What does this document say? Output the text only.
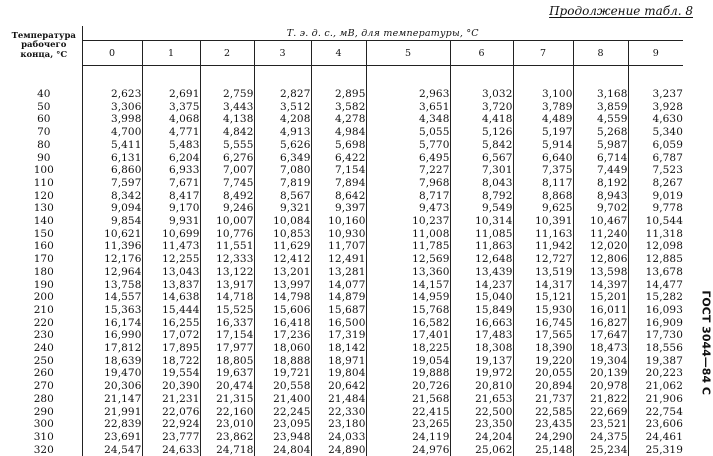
Продолжение табл. 8
Температура рабочего конца, °С	Т. э. д. с., мВ, для температуры, °С									
	0	1	2	3	4	5	6	7	8	9

40	2,623	2,691	2,759	2,827	2,895	2,963	3,032	3,100	3,168	3,237
50	3,306	3,375	3,443	3,512	3,582	3,651	3,720	3,789	3,859	3,928
60	3,998	4,068	4,138	4,208	4,278	4,348	4,418	4,489	4,559	4,630
70	4,700	4,771	4,842	4,913	4,984	5,055	5,126	5,197	5,268	5,340
80	5,411	5,483	5,555	5,626	5,698	5,770	5,842	5,914	5,987	6,059
90	6,131	6,204	6,276	6,349	6,422	6,495	6,567	6,640	6,714	6,787
100	6,860	6,933	7,007	7,080	7,154	7,227	7,301	7,375	7,449	7,523
110	7,597	7,671	7,745	7,819	7,894	7,968	8,043	8,117	8,192	8,267
120	8,342	8,417	8,492	8,567	8,642	8,717	8,792	8,868	8,943	9,019
130	9,094	9,170	9,246	9,321	9,397	9,473	9,549	9,625	9,702	9,778
140	9,854	9,931	10,007	10,084	10,160	10,237	10,314	10,391	10,467	10,544
150	10,621	10,699	10,776	10,853	10,930	11,008	11,085	11,163	11,240	11,318
160	11,396	11,473	11,551	11,629	11,707	11,785	11,863	11,942	12,020	12,098
170	12,176	12,255	12,333	12,412	12,491	12,569	12,648	12,727	12,806	12,885
180	12,964	13,043	13,122	13,201	13,281	13,360	13,439	13,519	13,598	13,678
190	13,758	13,837	13,917	13,997	14,077	14,157	14,237	14,317	14,397	14,477
200	14,557	14,638	14,718	14,798	14,879	14,959	15,040	15,121	15,201	15,282
210	15,363	15,444	15,525	15,606	15,687	15,768	15,849	15,930	16,011	16,093
220	16,174	16,255	16,337	16,418	16,500	16,582	16,663	16,745	16,827	16,909
230	16,990	17,072	17,154	17,236	17,319	17,401	17,483	17,565	17,647	17,730
240	17,812	17,895	17,977	18,060	18,142	18,225	18,308	18,390	18,473	18,556
250	18,639	18,722	18,805	18,888	18,971	19,054	19,137	19,220	19,304	19,387
260	19,470	19,554	19,637	19,721	19,804	19,888	19,972	20,055	20,139	20,223
270	20,306	20,390	20,474	20,558	20,642	20,726	20,810	20,894	20,978	21,062
280	21,147	21,231	21,315	21,400	21,484	21,568	21,653	21,737	21,822	21,906
290	21,991	22,076	22,160	22,245	22,330	22,415	22,500	22,585	22,669	22,754
300	22,839	22,924	23,010	23,095	23,180	23,265	23,350	23,435	23,521	23,606
310	23,691	23,777	23,862	23,948	24,033	24,119	24,204	24,290	24,375	24,461
320	24,547	24,633	24,718	24,804	24,890	24,976	25,062	25,148	25,234	25,319
ГОСТ 3044—84 С
